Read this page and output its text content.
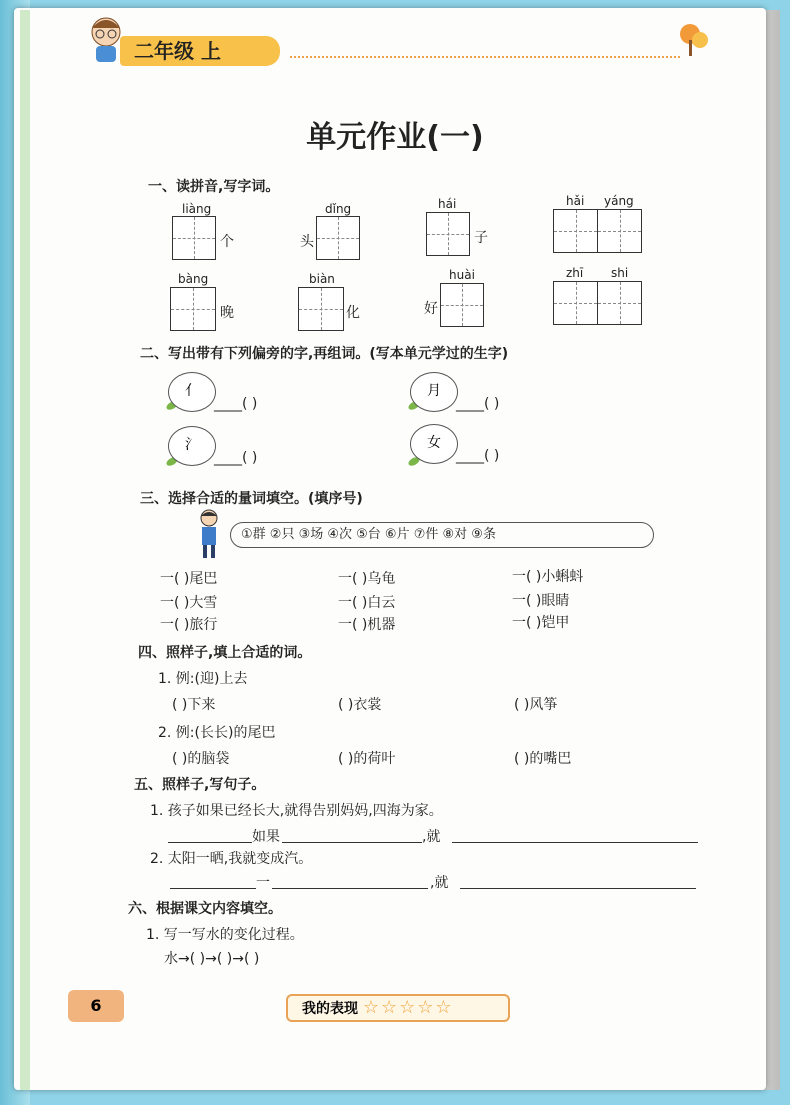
二年级 上
单元作业(一)
一、读拼音,写字词。
liàng
个
dǐng
头
hái
子
hǎi yáng
bàng
晚
biàn
化
huài
好
zhī shi
二、写出带有下列偏旁的字,再组词。(写本单元学过的生字)
亻
____( )
月
____( )
氵
____( )
女
____( )
三、选择合适的量词填空。(填序号)
①群 ②只 ③场 ④次 ⑤台 ⑥片 ⑦件 ⑧对 ⑨条
一( )尾巴	一( )乌龟	一( )小蝌蚪
一( )大雪	一( )白云	一( )眼睛
一( )旅行	一( )机器	一( )铠甲
四、照样子,填上合适的词。
1. 例:(迎)上去
( )下来	( )衣裳	( )风筝
2. 例:(长长)的尾巴
( )的脑袋	( )的荷叶	( )的嘴巴
五、照样子,写句子。
1. 孩子如果已经长大,就得告别妈妈,四海为家。
如果	,就
2. 太阳一晒,我就变成汽。
一	,就
六、根据课文内容填空。
1. 写一写水的变化过程。
水→( )→( )→( )
6	我的表现 ☆☆☆☆☆
